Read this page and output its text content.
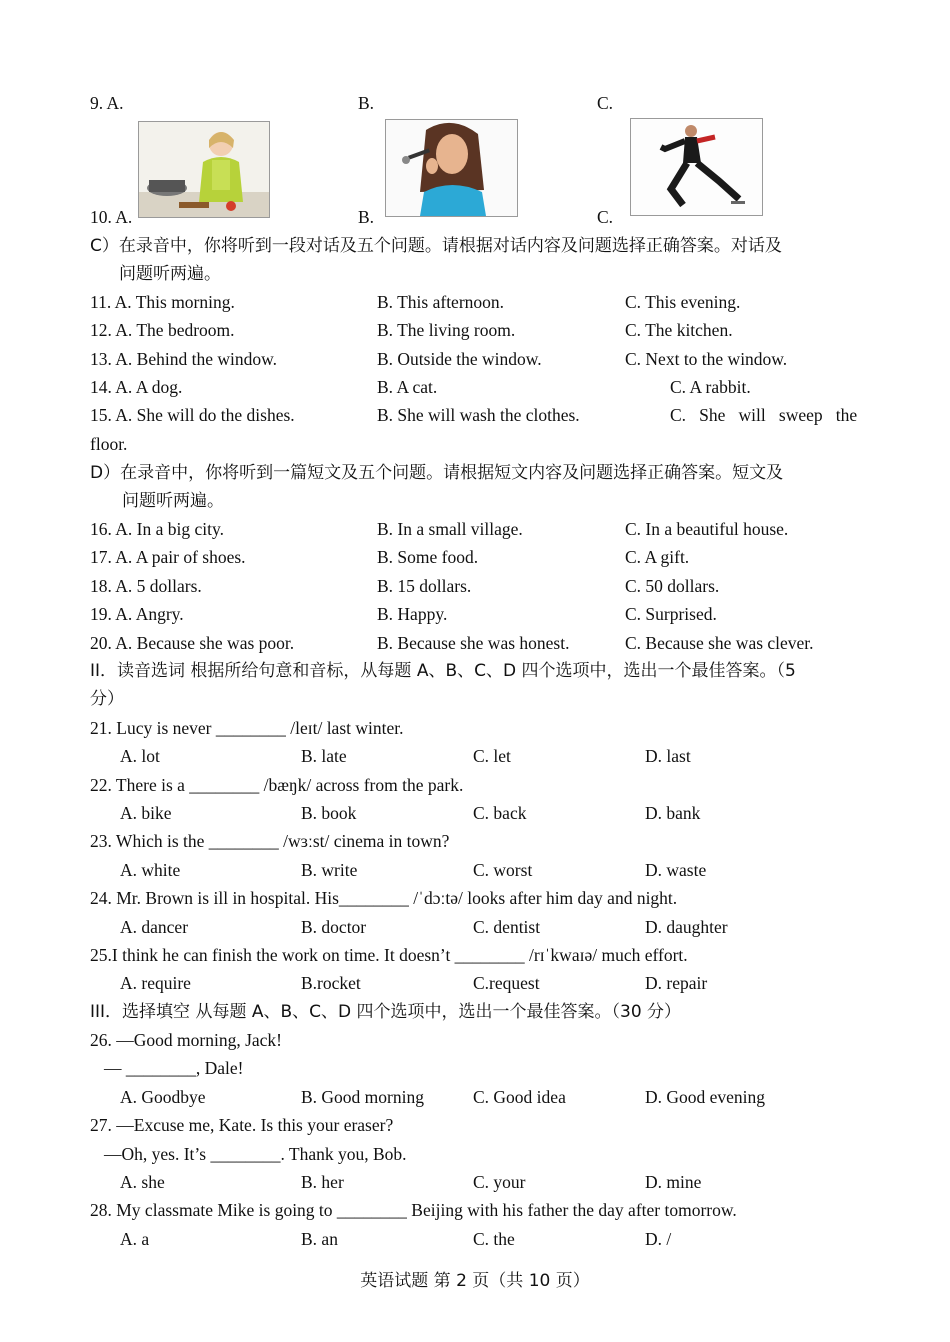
9. A.	B.	C.
10. A.	B.	C.
C）在录音中，你将听到一段对话及五个问题。请根据对话内容及问题选择正确答案。对话及
问题听两遍。
11. A. This morning.	B. This afternoon.	C. This evening.
12. A. The bedroom.	B. The living room.	C. The kitchen.
13. A. Behind the window.	B. Outside the window.	C. Next to the window.
14. A. A dog.	B. A cat.	C. A rabbit.
15. A. She will do the dishes.	B. She will wash the clothes.	C.   She   will   sweep   the
floor.
D）在录音中，你将听到一篇短文及五个问题。请根据短文内容及问题选择正确答案。短文及
问题听两遍。
16. A. In a big city.	B. In a small village.	C. In a beautiful house.
17. A. A pair of shoes.	B. Some food.	C. A gift.
18. A. 5 dollars.	B. 15 dollars.	C. 50 dollars.
19. A. Angry.	B. Happy.	C. Surprised.
20. A. Because she was poor.	B. Because she was honest.	C. Because she was clever.
II．读音选词 根据所给句意和音标，从每题 A、B、C、D 四个选项中，选出一个最佳答案。（5
分）
21. Lucy is never ________ /leɪt/ last winter.
A. lot	B. late	C. let	D. last
22. There is a ________ /bæŋk/ across from the park.
A. bike	B. book	C. back	D. bank
23. Which is the ________ /wɜːst/ cinema in town?
A. white	B. write	C. worst	D. waste
24. Mr. Brown is ill in hospital. His________ /ˈdɔːtə/ looks after him day and night.
A. dancer	B. doctor	C. dentist	D. daughter
25.I think he can finish the work on time. It doesn’t ________ /rɪˈkwaɪə/ much effort.
A. require	B.rocket	C.request	D. repair
III．选择填空 从每题 A、B、C、D 四个选项中，选出一个最佳答案。（30 分）
26. —Good morning, Jack!
— ________, Dale!
A. Goodbye	B. Good morning	C. Good idea	D. Good evening
27. —Excuse me, Kate. Is this your eraser?
—Oh, yes. It’s ________. Thank you, Bob.
A. she	B. her	C. your	D. mine
28. My classmate Mike is going to ________ Beijing with his father the day after tomorrow.
A. a	B. an	C. the	D. /
英语试题 第 2 页（共 10 页）
